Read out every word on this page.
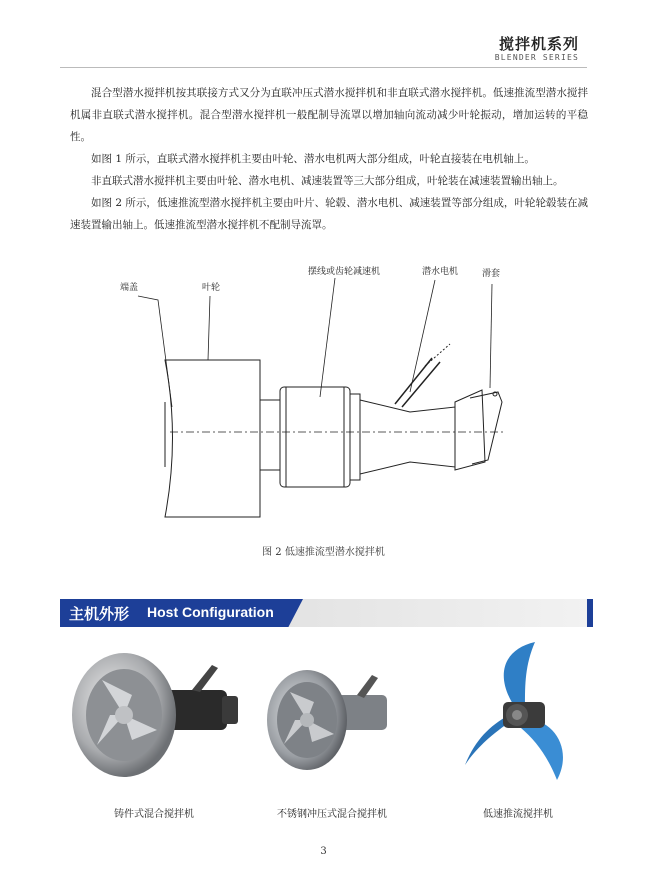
搅拌机系列
BLENDER SERIES

混合型潜水搅拌机按其联接方式又分为直联冲压式潜水搅拌机和非直联式潜水搅拌机。低速推流型潜水搅拌机属非直联式潜水搅拌机。混合型潜水搅拌机一般配制导流罩以增加轴向流动减少叶轮振动，增加运转的平稳性。

如图 1 所示，直联式潜水搅拌机主要由叶轮、潜水电机两大部分组成，叶轮直接装在电机轴上。

非直联式潜水搅拌机主要由叶轮、潜水电机、减速装置等三大部分组成，叶轮装在减速装置输出轴上。

如图 2 所示，低速推流型潜水搅拌机主要由叶片、轮毂、潜水电机、减速装置等部分组成，叶轮轮毂装在减速装置输出轴上。低速推流型潜水搅拌机不配制导流罩。

端盖	叶轮
摆线或齿轮减速机	潜水电机	滑套
图 2 低速推流型潜水搅拌机
主机外形 Host Configuration
铸件式混合搅拌机	不锈钢冲压式混合搅拌机	低速推流搅拌机
3
